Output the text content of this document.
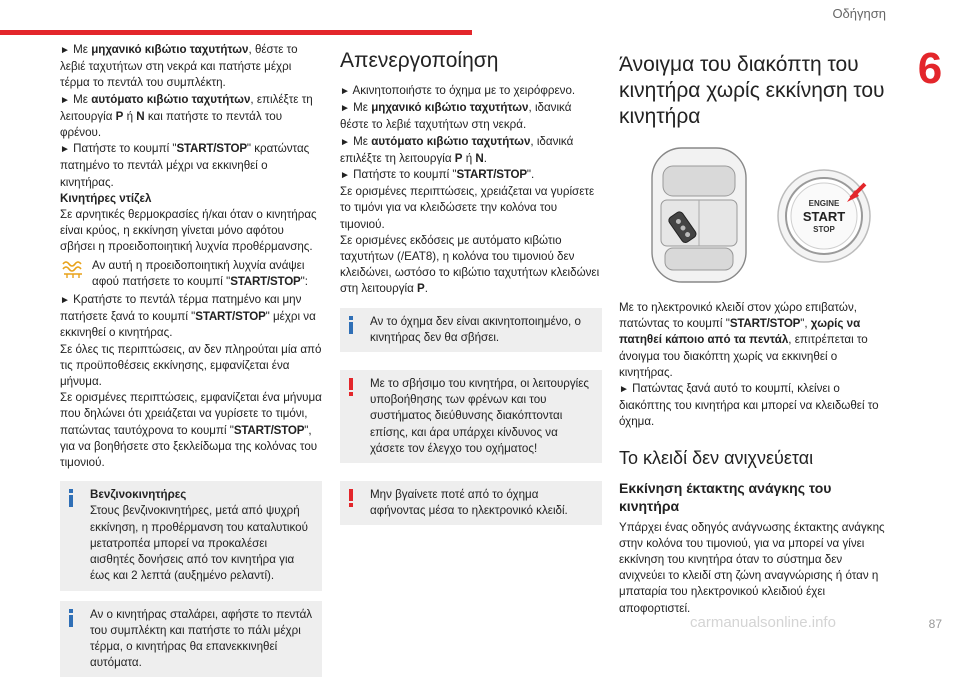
Οδήγηση
6

► Με μηχανικό κιβώτιο ταχυτήτων, θέστε το λεβιέ ταχυτήτων στη νεκρά και πατήστε μέχρι τέρμα το πεντάλ του συμπλέκτη.

► Με αυτόματο κιβώτιο ταχυτήτων, επιλέξτε τη λειτουργία P ή N και πατήστε το πεντάλ του φρένου.

► Πατήστε το κουμπί "START/STOP" κρατώντας πατημένο το πεντάλ μέχρι να εκκινηθεί ο κινητήρας.

Κινητήρες ντίζελ

Σε αρνητικές θερμοκρασίες ή/και όταν ο κινητήρας είναι κρύος, η εκκίνηση γίνεται μόνο αφότου σβήσει η προειδοποιητική λυχνία προθέρμανσης.

Αν αυτή η προειδοποιητική λυχνία ανάψει αφού πατήσετε το κουμπί "START/STOP":

► Κρατήστε το πεντάλ τέρμα πατημένο και μην πατήσετε ξανά το κουμπί "START/STOP" μέχρι να εκκινηθεί ο κινητήρας.

Σε όλες τις περιπτώσεις, αν δεν πληρούται μία από τις προϋποθέσεις εκκίνησης, εμφανίζεται ένα μήνυμα.

Σε ορισμένες περιπτώσεις, εμφανίζεται ένα μήνυμα που δηλώνει ότι χρειάζεται να γυρίσετε το τιμόνι, πατώντας ταυτόχρονα το κουμπί "START/STOP", για να βοηθήσετε στο ξεκλείδωμα της κολόνας του τιμονιού.

Βενζινοκινητήρες

Στους βενζινοκινητήρες, μετά από ψυχρή εκκίνηση, η προθέρμανση του καταλυτικού μετατροπέα μπορεί να προκαλέσει αισθητές δονήσεις από τον κινητήρα για έως και 2 λεπτά (αυξημένο ρελαντί).

Αν ο κινητήρας σταλάρει, αφήστε το πεντάλ του συμπλέκτη και πατήστε το πάλι μέχρι τέρμα, ο κινητήρας θα επανεκκινηθεί αυτόματα.

Απενεργοποίηση

► Ακινητοποιήστε το όχημα με το χειρόφρενο.

► Με μηχανικό κιβώτιο ταχυτήτων, ιδανικά θέστε το λεβιέ ταχυτήτων στη νεκρά.

► Με αυτόματο κιβώτιο ταχυτήτων, ιδανικά επιλέξτε τη λειτουργία P ή N.

► Πατήστε το κουμπί "START/STOP".

Σε ορισμένες περιπτώσεις, χρειάζεται να γυρίσετε το τιμόνι για να κλειδώσετε την κολόνα του τιμονιού.

Σε ορισμένες εκδόσεις με αυτόματο κιβώτιο ταχυτήτων (/EAT8), η κολόνα του τιμονιού δεν κλειδώνει, ωστόσο το κιβώτιο ταχυτήτων κλειδώνει στη λειτουργία P.

Αν το όχημα δεν είναι ακινητοποιημένο, ο κινητήρας δεν θα σβήσει.

Με το σβήσιμο του κινητήρα, οι λειτουργίες υποβοήθησης των φρένων και του συστήματος διεύθυνσης διακόπτονται επίσης, και άρα υπάρχει κίνδυνος να χάσετε τον έλεγχο του οχήματος!

Μην βγαίνετε ποτέ από το όχημα αφήνοντας μέσα το ηλεκτρονικό κλειδί.

Άνοιγμα του διακόπτη του κινητήρα χωρίς εκκίνηση του κινητήρα
ENGINE
START
STOP

Με το ηλεκτρονικό κλειδί στον χώρο επιβατών, πατώντας το κουμπί "START/STOP", χωρίς να πατηθεί κάποιο από τα πεντάλ, επιτρέπεται το άνοιγμα του διακόπτη χωρίς να εκκινηθεί ο κινητήρας.

► Πατώντας ξανά αυτό το κουμπί, κλείνει ο διακόπτης του κινητήρα και μπορεί να κλειδωθεί το όχημα.

Το κλειδί δεν ανιχνεύεται
Εκκίνηση έκτακτης ανάγκης του κινητήρα

Υπάρχει ένας οδηγός ανάγνωσης έκτακτης ανάγκης στην κολόνα του τιμονιού, για να μπορεί να γίνει εκκίνηση του κινητήρα όταν το σύστημα δεν ανιχνεύει το κλειδί στη ζώνη αναγνώρισης ή όταν η μπαταρία του ηλεκτρονικού κλειδιού έχει αποφορτιστεί.

carmanualsonline.info	87
